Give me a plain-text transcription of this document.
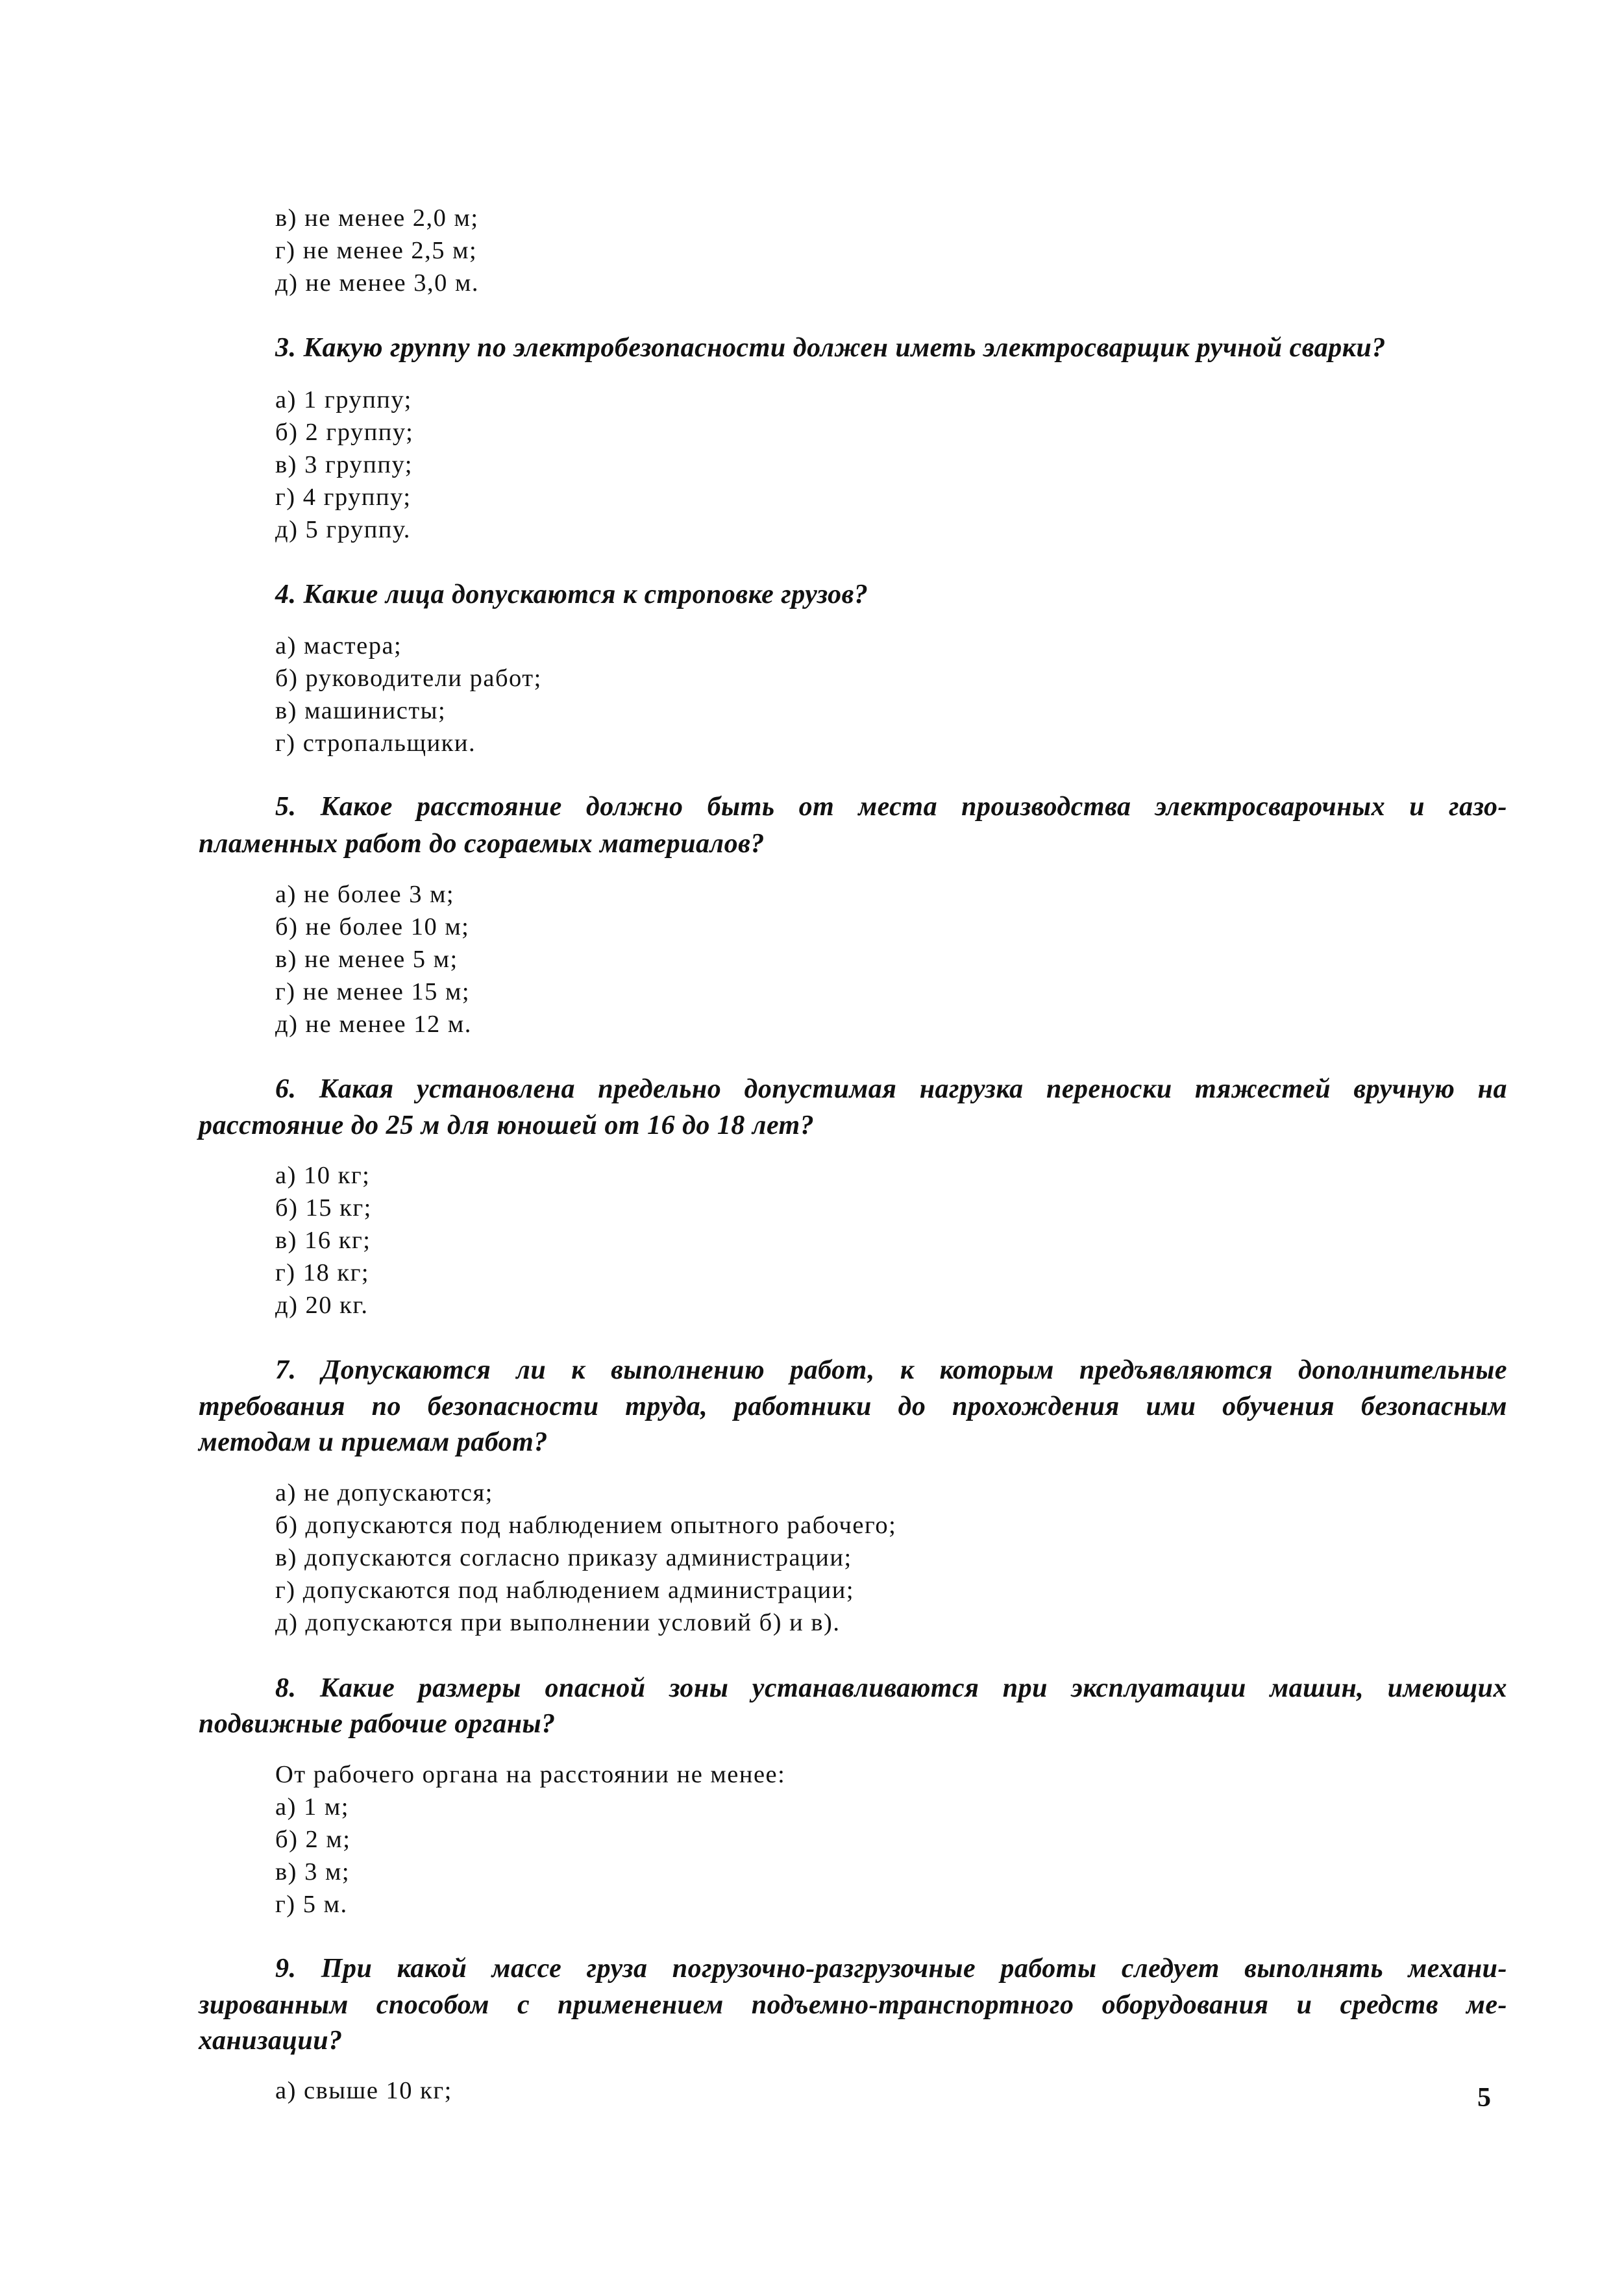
в) не менее 2,0 м;
г) не менее 2,5 м;
д) не менее 3,0 м.
3. Какую группу по электробезопасности должен иметь электросварщик ручной сварки?
а) 1 группу;
б) 2 группу;
в) 3 группу;
г) 4 группу;
д) 5 группу.
4. Какие лица допускаются к строповке грузов?
а) мастера;
б) руководители работ;
в) машинисты;
г) стропальщики.
5. Какое расстояние должно быть от места производства электросварочных и газо-
пламенных работ до сгораемых материалов?
а) не более 3 м;
б) не более 10 м;
в) не менее 5 м;
г) не менее 15 м;
д) не менее 12 м.
6. Какая установлена предельно допустимая нагрузка переноски тяжестей вручную на
расстояние до 25 м для юношей от 16 до 18 лет?
а) 10 кг;
б) 15 кг;
в) 16 кг;
г) 18 кг;
д) 20 кг.
7. Допускаются ли к выполнению работ, к которым предъявляются дополнительные
требования по безопасности труда, работники до прохождения ими обучения безопасным
методам и приемам работ?
а) не допускаются;
б) допускаются под наблюдением опытного рабочего;
в) допускаются согласно приказу администрации;
г) допускаются под наблюдением администрации;
д) допускаются при выполнении условий б) и в).
8. Какие размеры опасной зоны устанавливаются при эксплуатации машин, имеющих
подвижные рабочие органы?
От рабочего органа на расстоянии не менее:
а) 1 м;
б) 2 м;
в) 3 м;
г) 5 м.
9. При какой массе груза погрузочно-разгрузочные работы следует выполнять механи-
зированным способом с применением подъемно-транспортного оборудования и средств ме-
ханизации?
а) свыше 10 кг;	5
